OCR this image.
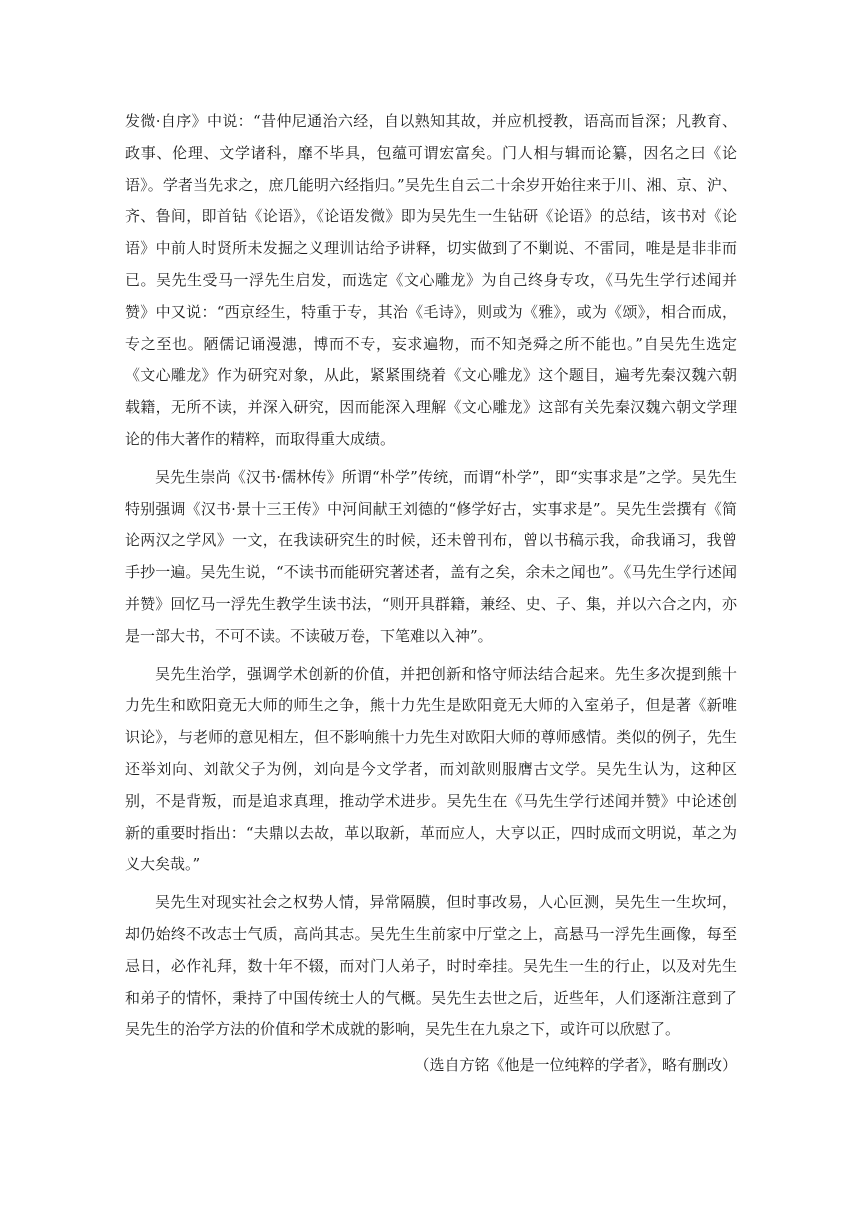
发微·自序》中说：“昔仲尼通治六经，自以熟知其故，并应机授教，语高而旨深；凡教育、政事、伦理、文学诸科，靡不毕具，包蕴可谓宏富矣。门人相与辑而论纂，因名之曰《论语》。学者当先求之，庶几能明六经指归。”吴先生自云二十余岁开始往来于川、湘、京、沪、齐、鲁间，即首钻《论语》，《论语发微》即为吴先生一生钻研《论语》的总结，该书对《论语》中前人时贤所未发掘之义理训诂给予讲释，切实做到了不剿说、不雷同，唯是是非非而已。吴先生受马一浮先生启发，而选定《文心雕龙》为自己终身专攻，《马先生学行述闻并赞》中又说：“西京经生，特重于专，其治《毛诗》，则或为《雅》，或为《颂》，相合而成，专之至也。陋儒记诵漫漶，博而不专，妄求遍物，而不知尧舜之所不能也。”自吴先生选定《文心雕龙》作为研究对象，从此，紧紧围绕着《文心雕龙》这个题目，遍考先秦汉魏六朝载籍，无所不读，并深入研究，因而能深入理解《文心雕龙》这部有关先秦汉魏六朝文学理论的伟大著作的精粹，而取得重大成绩。

吴先生崇尚《汉书·儒林传》所谓“朴学”传统，而谓“朴学”，即“实事求是”之学。吴先生特别强调《汉书·景十三王传》中河间献王刘德的“修学好古，实事求是”。吴先生尝撰有《简论两汉之学风》一文，在我读研究生的时候，还未曾刊布，曾以书稿示我，命我诵习，我曾手抄一遍。吴先生说，“不读书而能研究著述者，盖有之矣，余未之闻也”。《马先生学行述闻并赞》回忆马一浮先生教学生读书法，“则开具群籍，兼经、史、子、集，并以六合之内，亦是一部大书，不可不读。不读破万卷，下笔难以入神”。

吴先生治学，强调学术创新的价值，并把创新和恪守师法结合起来。先生多次提到熊十力先生和欧阳竟无大师的师生之争，熊十力先生是欧阳竟无大师的入室弟子，但是著《新唯识论》，与老师的意见相左，但不影响熊十力先生对欧阳大师的尊师感情。类似的例子，先生还举刘向、刘歆父子为例，刘向是今文学者，而刘歆则服膺古文学。吴先生认为，这种区别，不是背叛，而是追求真理，推动学术进步。吴先生在《马先生学行述闻并赞》中论述创新的重要时指出：“夫鼎以去故，革以取新，革而应人，大亨以正，四时成而文明说，革之为义大矣哉。”

吴先生对现实社会之权势人情，异常隔膜，但时事改易，人心叵测，吴先生一生坎坷，却仍始终不改志士气质，高尚其志。吴先生生前家中厅堂之上，高悬马一浮先生画像，每至忌日，必作礼拜，数十年不辍，而对门人弟子，时时牵挂。吴先生一生的行止，以及对先生和弟子的情怀，秉持了中国传统士人的气概。吴先生去世之后，近些年，人们逐渐注意到了吴先生的治学方法的价值和学术成就的影响，吴先生在九泉之下，或许可以欣慰了。

（选自方铭《他是一位纯粹的学者》，略有删改）
